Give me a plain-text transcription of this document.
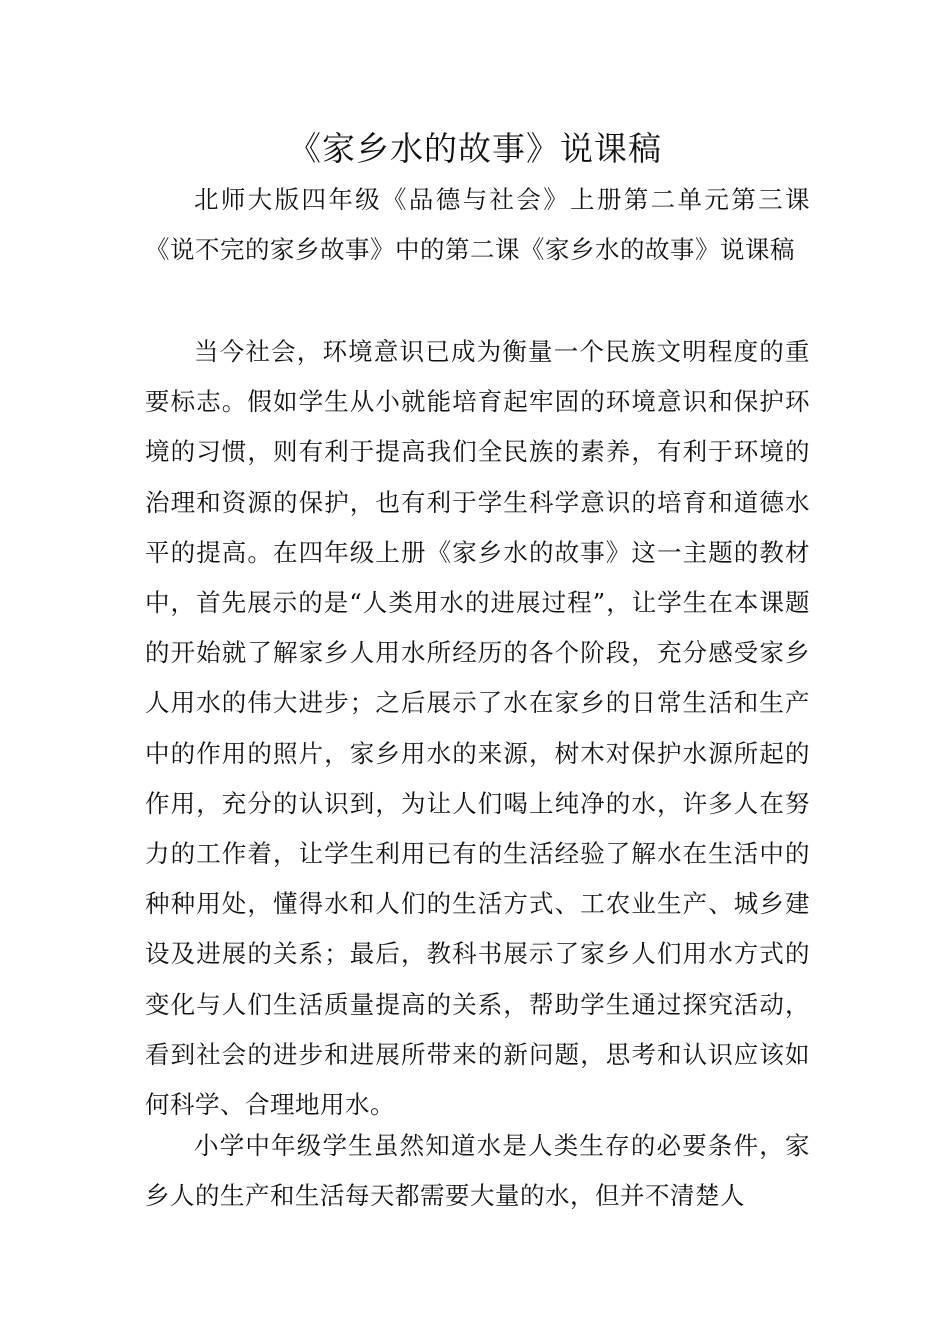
《家乡水的故事》说课稿

北师大版四年级《品德与社会》上册第二单元第三课《说不完的家乡故事》中的第二课《家乡水的故事》说课稿

当今社会，环境意识已成为衡量一个民族文明程度的重要标志。假如学生从小就能培育起牢固的环境意识和保护环境的习惯，则有利于提高我们全民族的素养，有利于环境的治理和资源的保护，也有利于学生科学意识的培育和道德水平的提高。在四年级上册《家乡水的故事》这一主题的教材中，首先展示的是“人类用水的进展过程”，让学生在本课题的开始就了解家乡人用水所经历的各个阶段，充分感受家乡人用水的伟大进步；之后展示了水在家乡的日常生活和生产中的作用的照片，家乡用水的来源，树木对保护水源所起的作用，充分的认识到，为让人们喝上纯净的水，许多人在努力的工作着，让学生利用已有的生活经验了解水在生活中的种种用处，懂得水和人们的生活方式、工农业生产、城乡建设及进展的关系；最后，教科书展示了家乡人们用水方式的变化与人们生活质量提高的关系，帮助学生通过探究活动，看到社会的进步和进展所带来的新问题，思考和认识应该如何科学、合理地用水。

小学中年级学生虽然知道水是人类生存的必要条件，家乡人的生产和生活每天都需要大量的水，但并不清楚人
